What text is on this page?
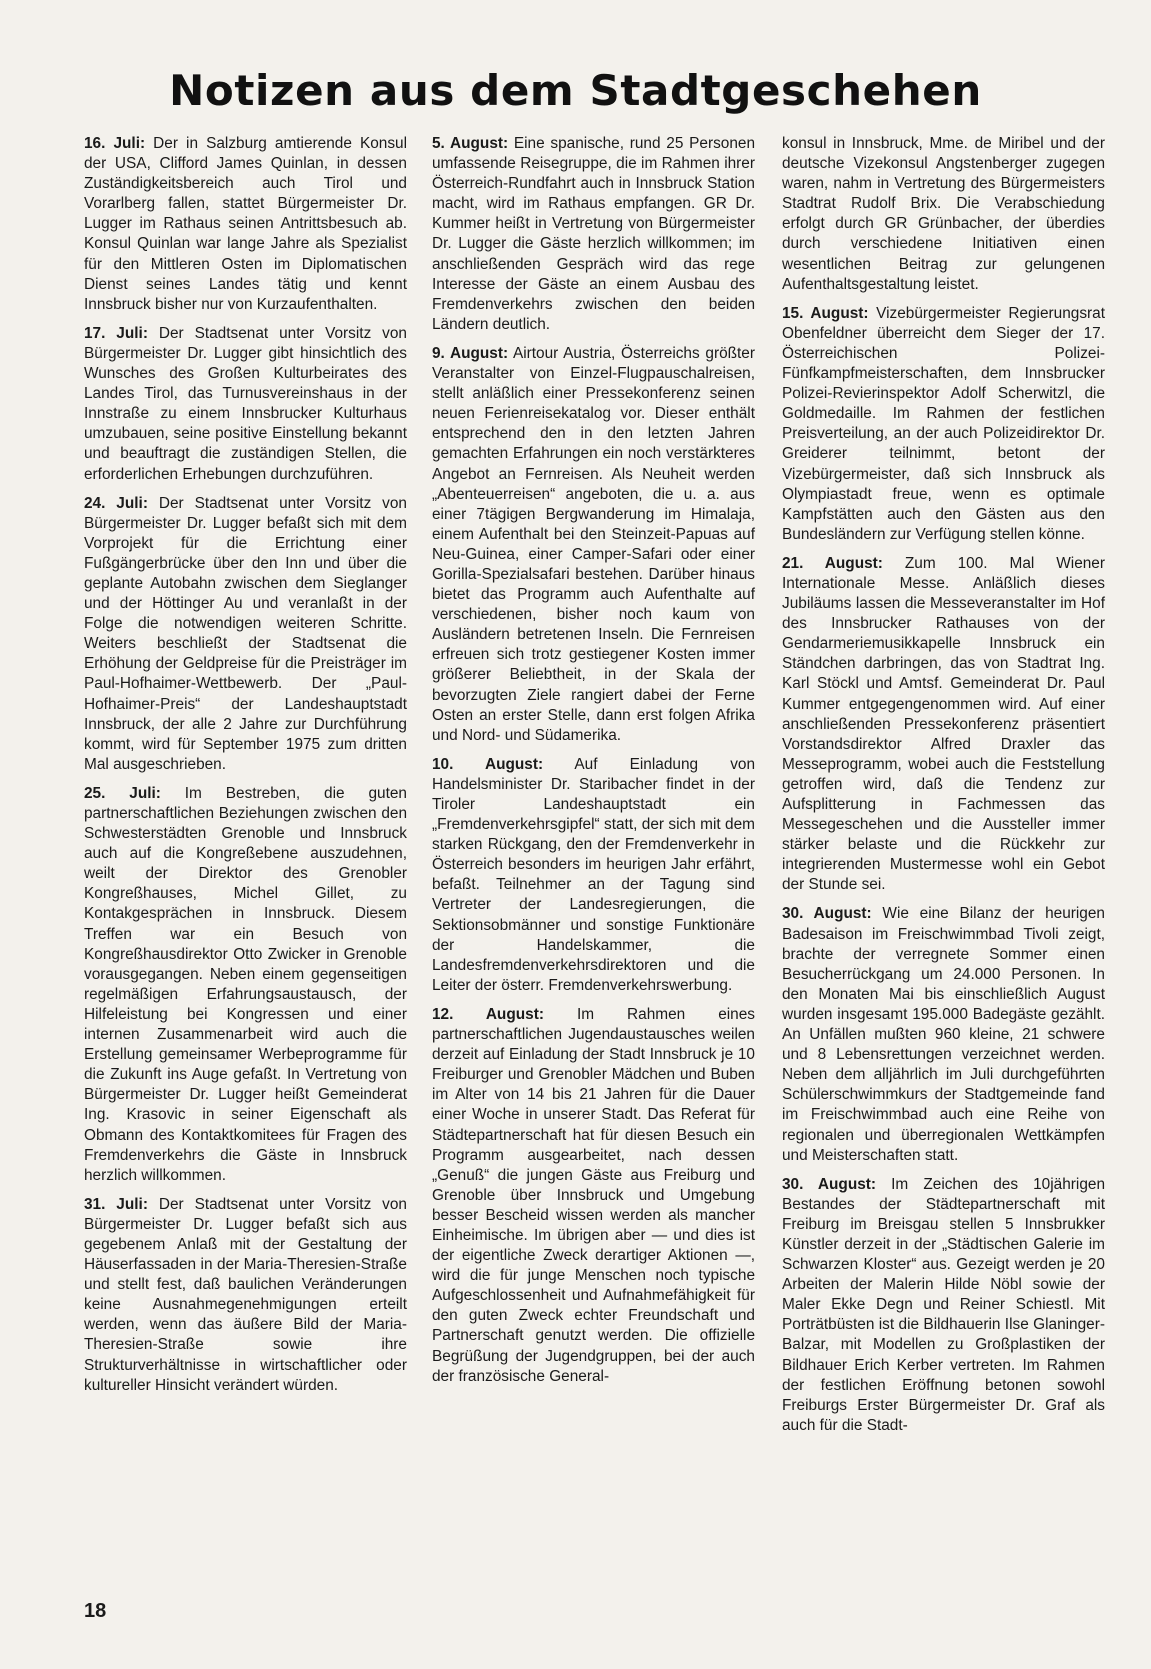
Notizen aus dem Stadtgeschehen

16. Juli: Der in Salzburg amtierende Konsul der USA, Clifford James Quinlan, in dessen Zuständigkeitsbereich auch Tirol und Vorarlberg fallen, stattet Bürgermeister Dr. Lugger im Rathaus seinen Antrittsbesuch ab. Konsul Quinlan war lange Jahre als Spezialist für den Mittleren Osten im Diplomatischen Dienst seines Landes tätig und kennt Innsbruck bisher nur von Kurzaufenthalten.

17. Juli: Der Stadtsenat unter Vorsitz von Bürgermeister Dr. Lugger gibt hinsichtlich des Wunsches des Großen Kulturbeirates des Landes Tirol, das Turnusvereinshaus in der Innstraße zu einem Innsbrucker Kulturhaus umzubauen, seine positive Einstellung bekannt und beauftragt die zuständigen Stellen, die erforderlichen Erhebungen durchzuführen.

24. Juli: Der Stadtsenat unter Vorsitz von Bürgermeister Dr. Lugger befaßt sich mit dem Vorprojekt für die Errichtung einer Fußgängerbrücke über den Inn und über die geplante Autobahn zwischen dem Sieglanger und der Höttinger Au und veranlaßt in der Folge die notwendigen weiteren Schritte. Weiters beschließt der Stadtsenat die Erhöhung der Geldpreise für die Preisträger im Paul-Hofhaimer-Wettbewerb. Der „Paul-Hofhaimer-Preis“ der Landeshauptstadt Innsbruck, der alle 2 Jahre zur Durchführung kommt, wird für September 1975 zum dritten Mal ausgeschrieben.

25. Juli: Im Bestreben, die guten partnerschaftlichen Beziehungen zwischen den Schwesterstädten Grenoble und Innsbruck auch auf die Kongreßebene auszudehnen, weilt der Direktor des Grenobler Kongreßhauses, Michel Gillet, zu Kontakgesprächen in Innsbruck. Diesem Treffen war ein Besuch von Kongreßhausdirektor Otto Zwicker in Grenoble vorausgegangen. Neben einem gegenseitigen regelmäßigen Erfahrungsaustausch, der Hilfeleistung bei Kongressen und einer internen Zusammenarbeit wird auch die Erstellung gemeinsamer Werbeprogramme für die Zukunft ins Auge gefaßt. In Vertretung von Bürgermeister Dr. Lugger heißt Gemeinderat Ing. Krasovic in seiner Eigenschaft als Obmann des Kontaktkomitees für Fragen des Fremdenverkehrs die Gäste in Innsbruck herzlich willkommen.

31. Juli: Der Stadtsenat unter Vorsitz von Bürgermeister Dr. Lugger befaßt sich aus gegebenem Anlaß mit der Gestaltung der Häuserfassaden in der Maria-Theresien-Straße und stellt fest, daß baulichen Veränderungen keine Ausnahmegenehmigungen erteilt werden, wenn das äußere Bild der Maria-Theresien-Straße sowie ihre Strukturverhältnisse in wirtschaftlicher oder kultureller Hinsicht verändert würden.

5. August: Eine spanische, rund 25 Personen umfassende Reisegruppe, die im Rahmen ihrer Österreich-Rundfahrt auch in Innsbruck Station macht, wird im Rathaus empfangen. GR Dr. Kummer heißt in Vertretung von Bürgermeister Dr. Lugger die Gäste herzlich willkommen; im anschließenden Gespräch wird das rege Interesse der Gäste an einem Ausbau des Fremdenverkehrs zwischen den beiden Ländern deutlich.

9. August: Airtour Austria, Österreichs größter Veranstalter von Einzel-Flugpauschalreisen, stellt anläßlich einer Pressekonferenz seinen neuen Ferienreisekatalog vor. Dieser enthält entsprechend den in den letzten Jahren gemachten Erfahrungen ein noch verstärkteres Angebot an Fernreisen. Als Neuheit werden „Abenteuerreisen“ angeboten, die u. a. aus einer 7tägigen Bergwanderung im Himalaja, einem Aufenthalt bei den Steinzeit-Papuas auf Neu-Guinea, einer Camper-Safari oder einer Gorilla-Spezialsafari bestehen. Darüber hinaus bietet das Programm auch Aufenthalte auf verschiedenen, bisher noch kaum von Ausländern betretenen Inseln. Die Fernreisen erfreuen sich trotz gestiegener Kosten immer größerer Beliebtheit, in der Skala der bevorzugten Ziele rangiert dabei der Ferne Osten an erster Stelle, dann erst folgen Afrika und Nord- und Südamerika.

10. August: Auf Einladung von Handelsminister Dr. Staribacher findet in der Tiroler Landeshauptstadt ein „Fremdenverkehrsgipfel“ statt, der sich mit dem starken Rückgang, den der Fremdenverkehr in Österreich besonders im heurigen Jahr erfährt, befaßt. Teilnehmer an der Tagung sind Vertreter der Landesregierungen, die Sektionsobmänner und sonstige Funktionäre der Handelskammer, die Landesfremdenverkehrsdirektoren und die Leiter der österr. Fremdenverkehrswerbung.

12. August: Im Rahmen eines partnerschaftlichen Jugendaustausches weilen derzeit auf Einladung der Stadt Innsbruck je 10 Freiburger und Grenobler Mädchen und Buben im Alter von 14 bis 21 Jahren für die Dauer einer Woche in unserer Stadt. Das Referat für Städtepartnerschaft hat für diesen Besuch ein Programm ausgearbeitet, nach dessen „Genuß“ die jungen Gäste aus Freiburg und Grenoble über Innsbruck und Umgebung besser Bescheid wissen werden als mancher Einheimische. Im übrigen aber — und dies ist der eigentliche Zweck derartiger Aktionen —, wird die für junge Menschen noch typische Aufgeschlossenheit und Aufnahmefähigkeit für den guten Zweck echter Freundschaft und Partnerschaft genutzt werden. Die offizielle Begrüßung der Jugendgruppen, bei der auch der französische General-

konsul in Innsbruck, Mme. de Miribel und der deutsche Vizekonsul Angstenberger zugegen waren, nahm in Vertretung des Bürgermeisters Stadtrat Rudolf Brix. Die Verabschiedung erfolgt durch GR Grünbacher, der überdies durch verschiedene Initiativen einen wesentlichen Beitrag zur gelungenen Aufenthaltsgestaltung leistet.

15. August: Vizebürgermeister Regierungsrat Obenfeldner überreicht dem Sieger der 17. Österreichischen Polizei-Fünfkampfmeisterschaften, dem Innsbrucker Polizei-Revierinspektor Adolf Scherwitzl, die Goldmedaille. Im Rahmen der festlichen Preisverteilung, an der auch Polizeidirektor Dr. Greiderer teilnimmt, betont der Vizebürgermeister, daß sich Innsbruck als Olympiastadt freue, wenn es optimale Kampfstätten auch den Gästen aus den Bundesländern zur Verfügung stellen könne.

21. August: Zum 100. Mal Wiener Internationale Messe. Anläßlich dieses Jubiläums lassen die Messeveranstalter im Hof des Innsbrucker Rathauses von der Gendarmeriemusikkapelle Innsbruck ein Ständchen darbringen, das von Stadtrat Ing. Karl Stöckl und Amtsf. Gemeinderat Dr. Paul Kummer entgegengenommen wird. Auf einer anschließenden Pressekonferenz präsentiert Vorstandsdirektor Alfred Draxler das Messeprogramm, wobei auch die Feststellung getroffen wird, daß die Tendenz zur Aufsplitterung in Fachmessen das Messegeschehen und die Aussteller immer stärker belaste und die Rückkehr zur integrierenden Mustermesse wohl ein Gebot der Stunde sei.

30. August: Wie eine Bilanz der heurigen Badesaison im Freischwimmbad Tivoli zeigt, brachte der verregnete Sommer einen Besucherrückgang um 24.000 Personen. In den Monaten Mai bis einschließlich August wurden insgesamt 195.000 Badegäste gezählt. An Unfällen mußten 960 kleine, 21 schwere und 8 Lebensrettungen verzeichnet werden. Neben dem alljährlich im Juli durchgeführten Schülerschwimmkurs der Stadtgemeinde fand im Freischwimmbad auch eine Reihe von regionalen und überregionalen Wettkämpfen und Meisterschaften statt.

30. August: Im Zeichen des 10jährigen Bestandes der Städtepartnerschaft mit Freiburg im Breisgau stellen 5 Innsbrukker Künstler derzeit in der „Städtischen Galerie im Schwarzen Kloster“ aus. Gezeigt werden je 20 Arbeiten der Malerin Hilde Nöbl sowie der Maler Ekke Degn und Reiner Schiestl. Mit Porträtbüsten ist die Bildhauerin Ilse Glaninger-Balzar, mit Modellen zu Großplastiken der Bildhauer Erich Kerber vertreten. Im Rahmen der festlichen Eröffnung betonen sowohl Freiburgs Erster Bürgermeister Dr. Graf als auch für die Stadt-

18
